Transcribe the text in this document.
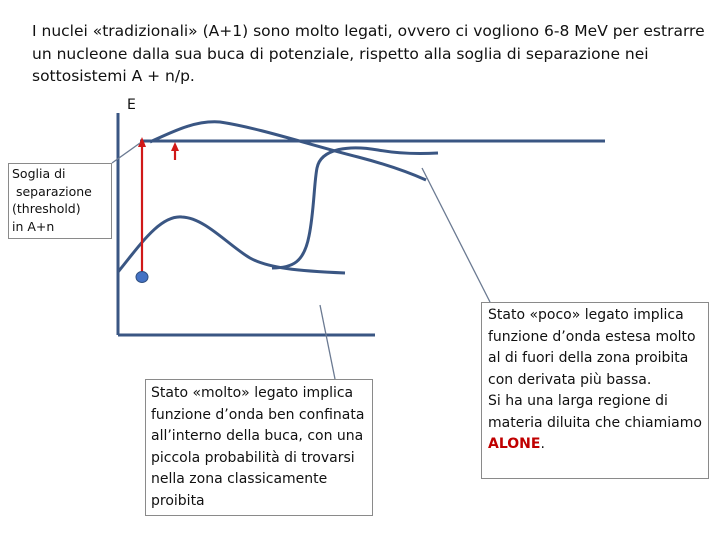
I nuclei «tradizionali» (A+1) sono molto legati, ovvero ci vogliono 6-8 MeV per estrarre un nucleone dalla sua buca di potenziale, rispetto alla soglia di separazione nei sottosistemi A + n/p.
E
Soglia di
separazione
(threshold)
in A+n
Stato «molto» legato implica funzione d’onda ben confinata all’interno della buca, con una piccola probabilità di trovarsi nella zona classicamente proibita
Stato «poco» legato implica funzione d’onda estesa molto al di fuori della zona proibita con derivata più bassa.
Si ha una larga regione di materia diluita che chiamiamo ALONE.
